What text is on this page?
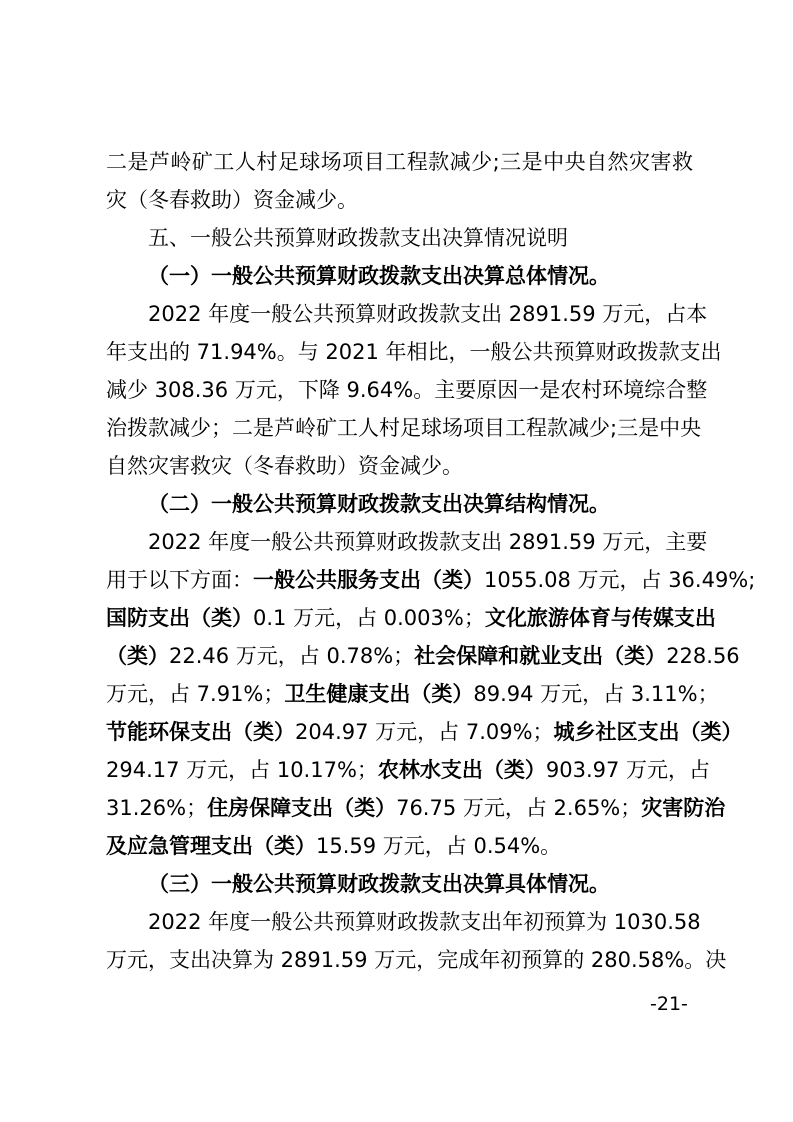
二是芦岭矿工人村足球场项目工程款减少;三是中央自然灾害救
灾（冬春救助）资金减少。
五、一般公共预算财政拨款支出决算情况说明
（一）一般公共预算财政拨款支出决算总体情况。
2022 年度一般公共预算财政拨款支出 2891.59 万元，占本
年支出的 71.94%。与 2021 年相比，一般公共预算财政拨款支出
减少 308.36 万元，下降 9.64%。主要原因一是农村环境综合整
治拨款减少；二是芦岭矿工人村足球场项目工程款减少;三是中央
自然灾害救灾（冬春救助）资金减少。
（二）一般公共预算财政拨款支出决算结构情况。
2022 年度一般公共预算财政拨款支出 2891.59 万元，主要
用于以下方面：一般公共服务支出（类）1055.08 万元，占 36.49%;
国防支出（类）0.1 万元，占 0.003%；文化旅游体育与传媒支出
（类）22.46 万元，占 0.78%；社会保障和就业支出（类）228.56
万元，占 7.91%；卫生健康支出（类）89.94 万元，占 3.11%；
节能环保支出（类）204.97 万元，占 7.09%；城乡社区支出（类）
294.17 万元，占 10.17%；农林水支出（类）903.97 万元，占
31.26%；住房保障支出（类）76.75 万元，占 2.65%；灾害防治
及应急管理支出（类）15.59 万元，占 0.54%。
（三）一般公共预算财政拨款支出决算具体情况。
2022 年度一般公共预算财政拨款支出年初预算为 1030.58
万元，支出决算为 2891.59 万元，完成年初预算的 280.58%。决
-21-
